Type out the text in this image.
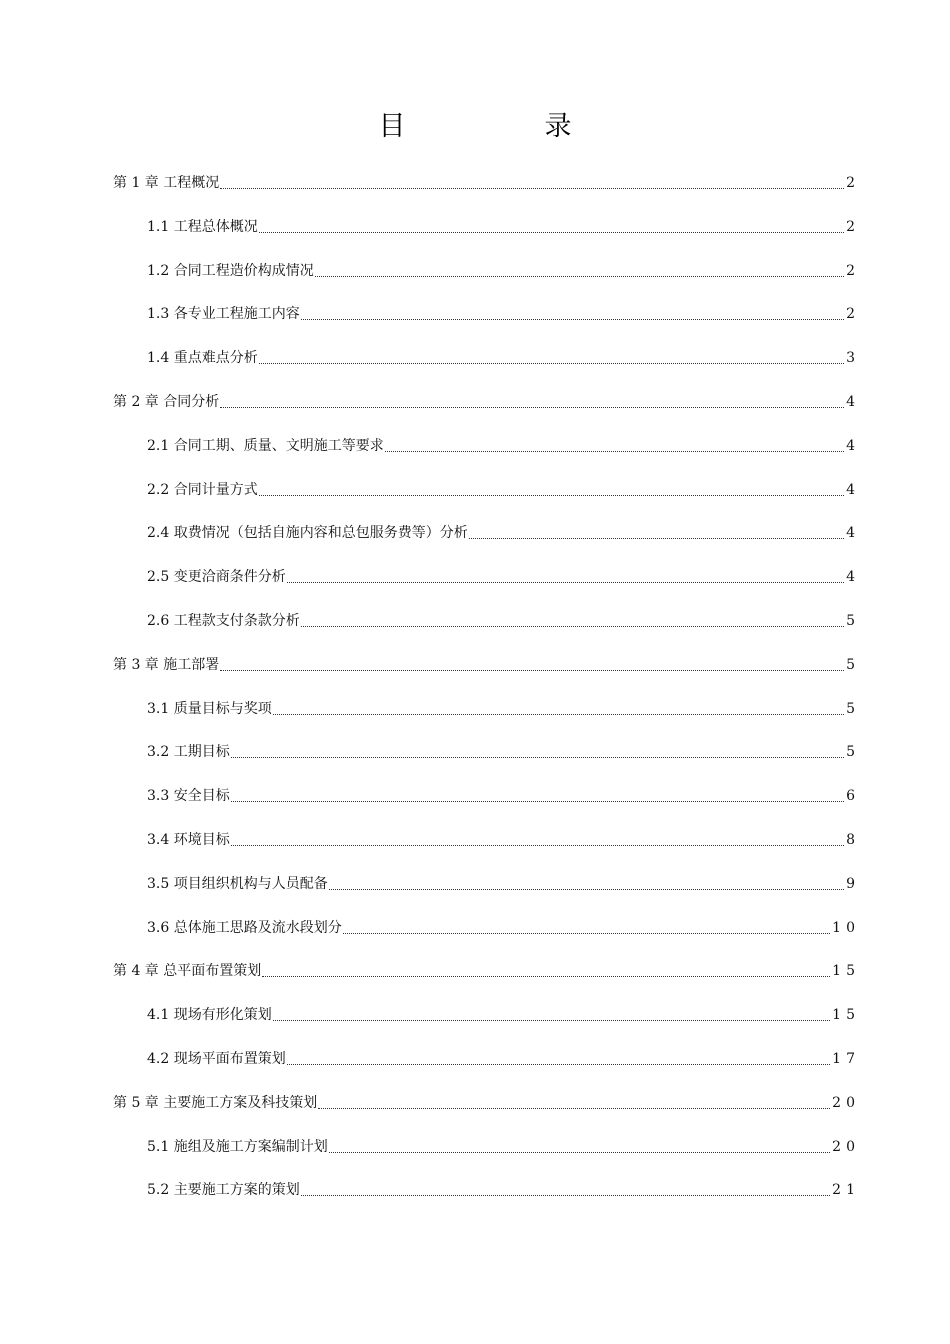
目　录
第 1 章 工程概况	2
1.1 工程总体概况	2
1.2 合同工程造价构成情况	2
1.3 各专业工程施工内容	2
1.4 重点难点分析	3
第 2 章 合同分析	4
2.1 合同工期、质量、文明施工等要求	4
2.2 合同计量方式	4
2.4 取费情况（包括自施内容和总包服务费等）分析	4
2.5 变更洽商条件分析	4
2.6 工程款支付条款分析	5
第 3 章 施工部署	5
3.1 质量目标与奖项	5
3.2 工期目标	5
3.3 安全目标	6
3.4 环境目标	8
3.5 项目组织机构与人员配备	9
3.6 总体施工思路及流水段划分	10
第 4 章 总平面布置策划	15
4.1 现场有形化策划	15
4.2 现场平面布置策划	17
第 5 章 主要施工方案及科技策划	20
5.1 施组及施工方案编制计划	20
5.2 主要施工方案的策划	21
